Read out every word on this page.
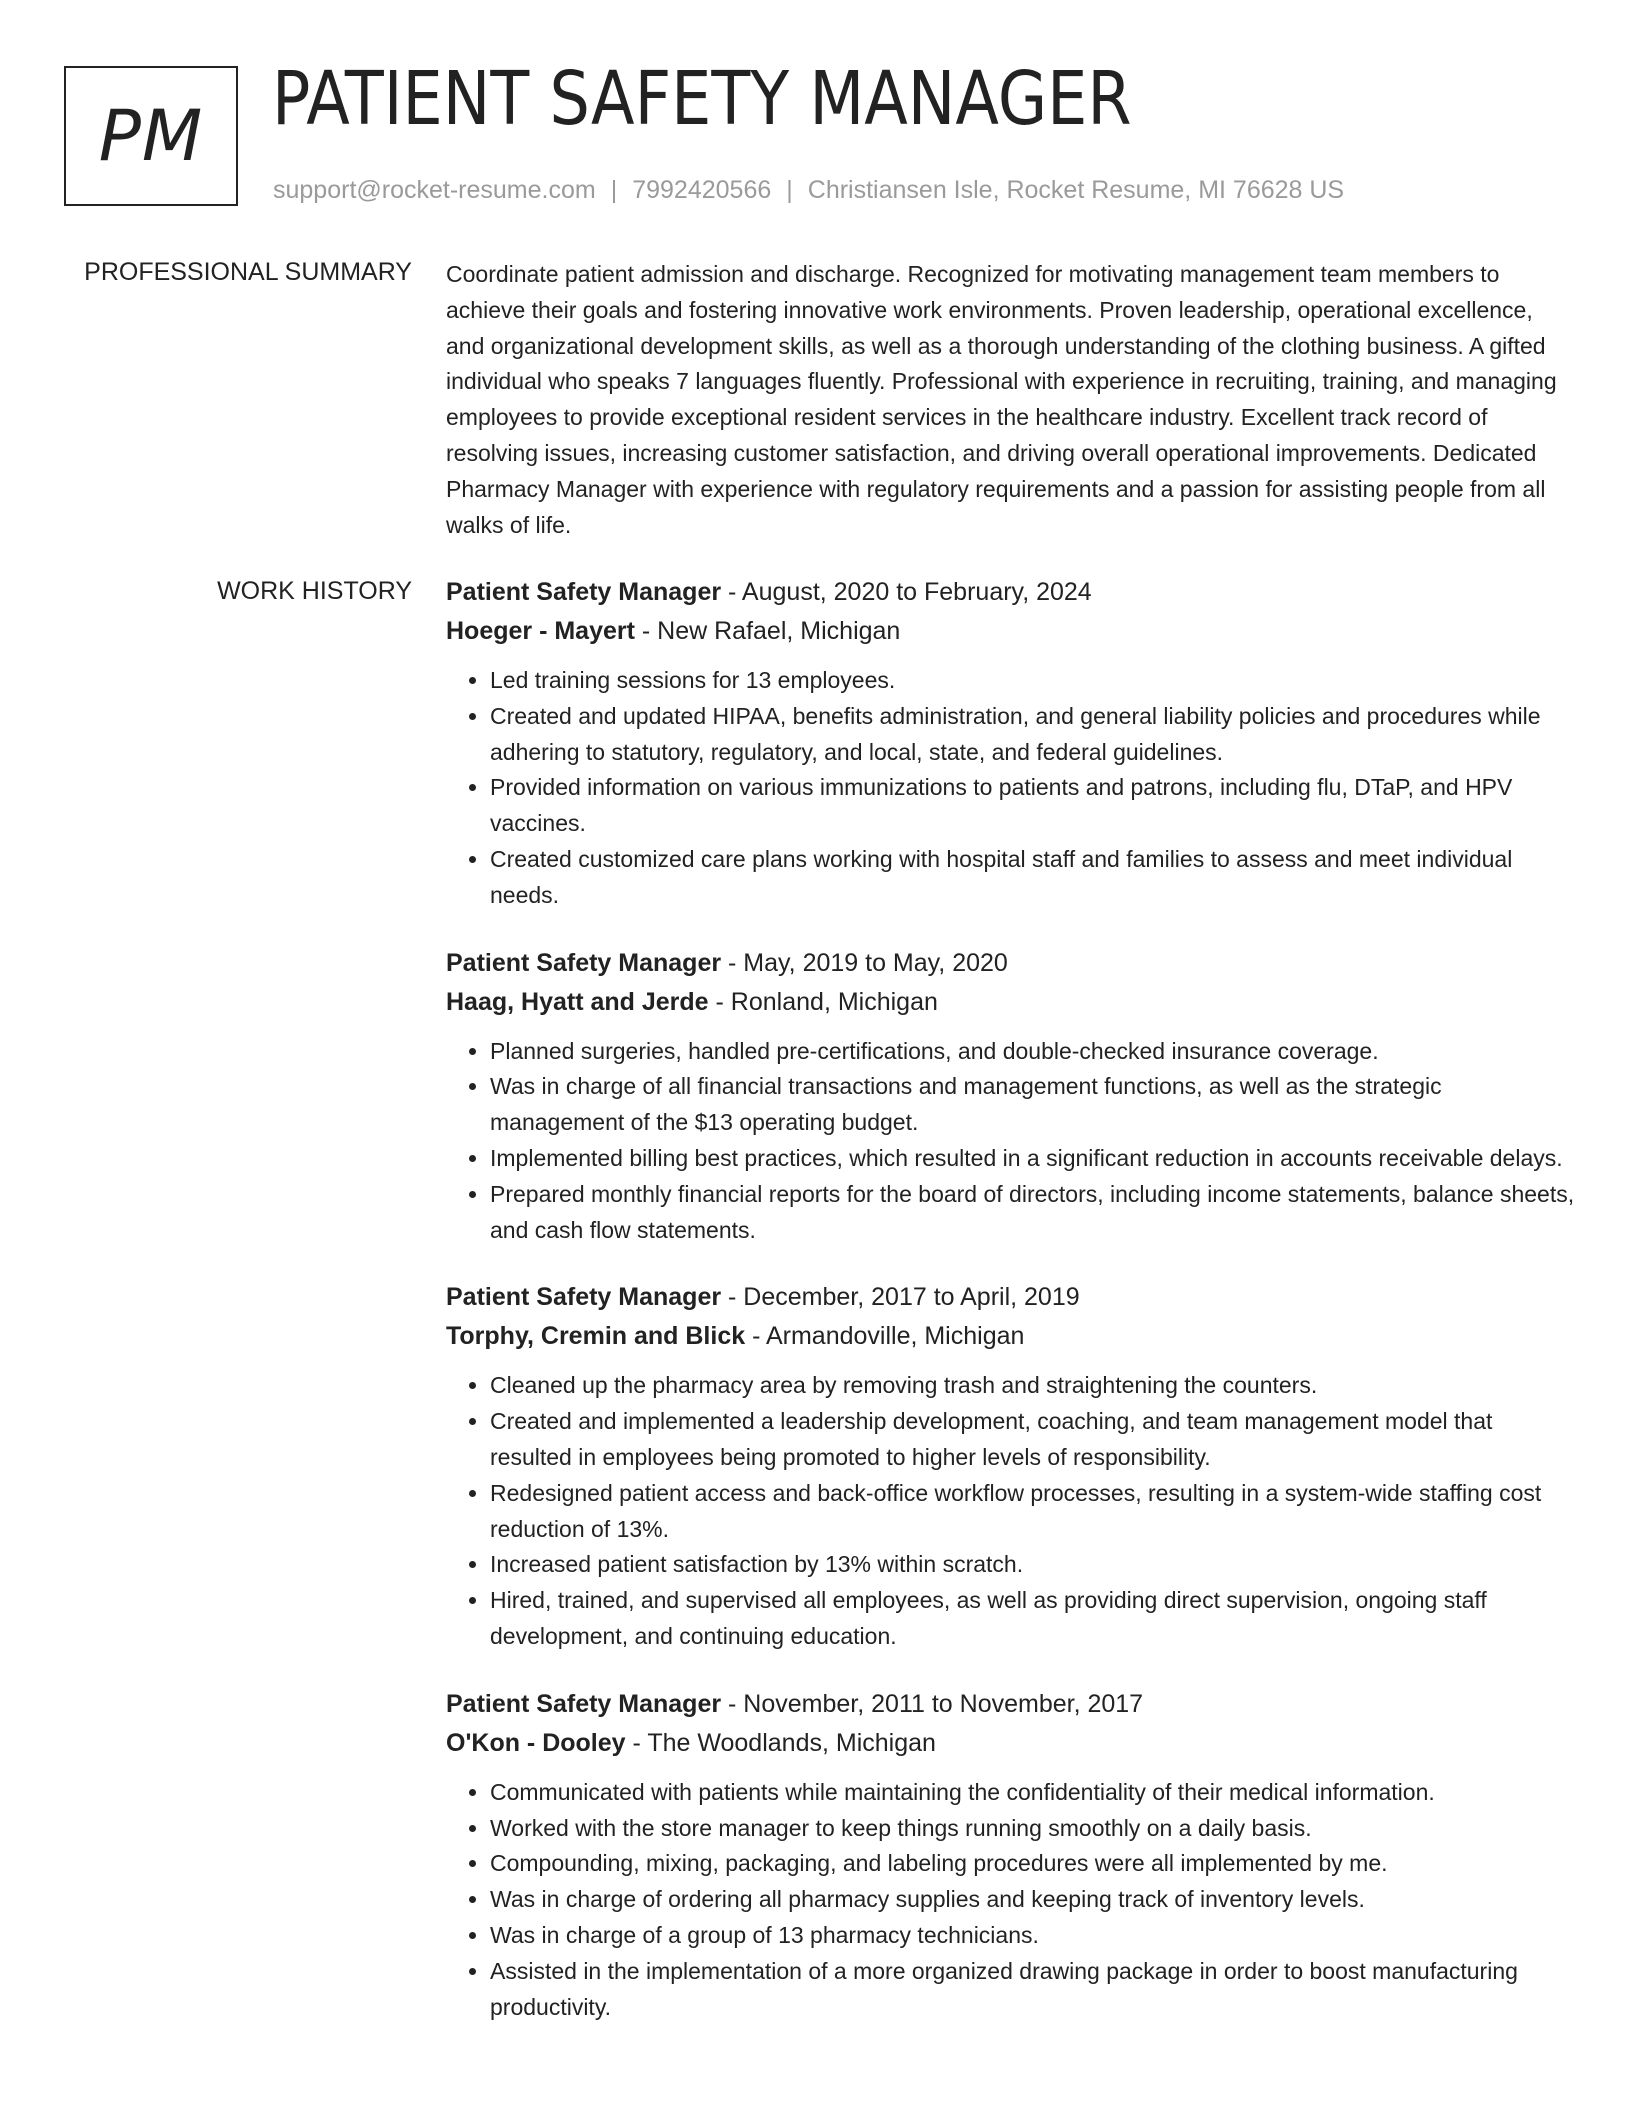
PM PATIENT SAFETY MANAGER
support@rocket-resume.com | 7992420566 | Christiansen Isle, Rocket Resume, MI 76628 US
PROFESSIONAL SUMMARY Coordinate patient admission and discharge. Recognized for motivating management team members to achieve their goals and fostering innovative work environments. Proven leadership, operational excellence, and organizational development skills, as well as a thorough understanding of the clothing business. A gifted individual who speaks 7 languages fluently. Professional with experience in recruiting, training, and managing employees to provide exceptional resident services in the healthcare industry. Excellent track record of resolving issues, increasing customer satisfaction, and driving overall operational improvements. Dedicated Pharmacy Manager with experience with regulatory requirements and a passion for assisting people from all walks of life.

WORK HISTORY Patient Safety Manager - August, 2020 to February, 2024
Hoeger - Mayert - New Rafael, Michigan
• Led training sessions for 13 employees.
• Created and updated HIPAA, benefits administration, and general liability policies and procedures while adhering to statutory, regulatory, and local, state, and federal guidelines.
• Provided information on various immunizations to patients and patrons, including flu, DTaP, and HPV vaccines.
• Created customized care plans working with hospital staff and families to assess and meet individual needs.
Patient Safety Manager - May, 2019 to May, 2020
Haag, Hyatt and Jerde - Ronland, Michigan
• Planned surgeries, handled pre-certifications, and double-checked insurance coverage.
• Was in charge of all financial transactions and management functions, as well as the strategic management of the $13 operating budget.
• Implemented billing best practices, which resulted in a significant reduction in accounts receivable delays.
• Prepared monthly financial reports for the board of directors, including income statements, balance sheets, and cash flow statements.
Patient Safety Manager - December, 2017 to April, 2019
Torphy, Cremin and Blick - Armandoville, Michigan
• Cleaned up the pharmacy area by removing trash and straightening the counters.
• Created and implemented a leadership development, coaching, and team management model that resulted in employees being promoted to higher levels of responsibility.
• Redesigned patient access and back-office workflow processes, resulting in a system-wide staffing cost reduction of 13%.
• Increased patient satisfaction by 13% within scratch.
• Hired, trained, and supervised all employees, as well as providing direct supervision, ongoing staff development, and continuing education.
Patient Safety Manager - November, 2011 to November, 2017
O'Kon - Dooley - The Woodlands, Michigan
• Communicated with patients while maintaining the confidentiality of their medical information.
• Worked with the store manager to keep things running smoothly on a daily basis.
• Compounding, mixing, packaging, and labeling procedures were all implemented by me.
• Was in charge of ordering all pharmacy supplies and keeping track of inventory levels.
• Was in charge of a group of 13 pharmacy technicians.
• Assisted in the implementation of a more organized drawing package in order to boost manufacturing productivity.
